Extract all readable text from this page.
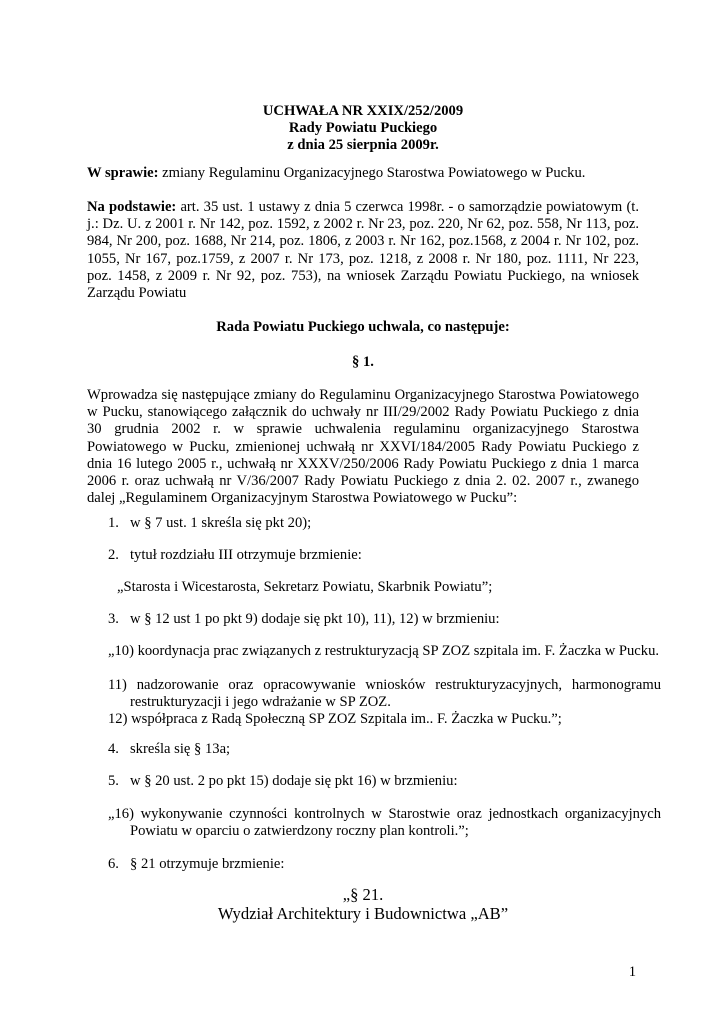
UCHWAŁA NR XXIX/252/2009
Rady Powiatu Puckiego
z dnia 25 sierpnia 2009r.
W sprawie: zmiany Regulaminu Organizacyjnego Starostwa Powiatowego w Pucku.
Na podstawie: art. 35 ust. 1 ustawy z dnia 5 czerwca 1998r. - o samorządzie powiatowym (t. j.: Dz. U. z 2001 r. Nr 142, poz. 1592, z 2002 r. Nr 23, poz. 220, Nr 62, poz. 558, Nr 113, poz. 984, Nr 200, poz. 1688, Nr 214, poz. 1806, z 2003 r. Nr 162, poz.1568, z 2004 r. Nr 102, poz. 1055, Nr 167, poz.1759, z 2007 r. Nr 173, poz. 1218, z 2008 r. Nr 180, poz. 1111, Nr 223, poz. 1458, z 2009 r. Nr 92, poz. 753), na wniosek Zarządu Powiatu Puckiego, na wniosek Zarządu Powiatu
Rada Powiatu Puckiego uchwala, co następuje:
§ 1.
Wprowadza się następujące zmiany do Regulaminu Organizacyjnego Starostwa Powiatowego w Pucku, stanowiącego załącznik do uchwały nr III/29/2002 Rady Powiatu Puckiego z dnia 30 grudnia 2002 r. w sprawie uchwalenia regulaminu organizacyjnego Starostwa Powiatowego w Pucku, zmienionej uchwałą nr XXVI/184/2005 Rady Powiatu Puckiego z dnia 16 lutego 2005 r., uchwałą nr XXXV/250/2006 Rady Powiatu Puckiego z dnia 1 marca 2006 r. oraz uchwałą nr V/36/2007 Rady Powiatu Puckiego z dnia 2. 02. 2007 r., zwanego dalej „Regulaminem Organizacyjnym Starostwa Powiatowego w Pucku”:
1. w § 7 ust. 1 skreśla się pkt 20);
2. tytuł rozdziału III otrzymuje brzmienie:
„Starosta i Wicestarosta, Sekretarz Powiatu, Skarbnik Powiatu”;
3. w § 12 ust 1 po pkt 9) dodaje się pkt 10), 11), 12) w brzmieniu:
„10) koordynacja prac związanych z restrukturyzacją SP ZOZ szpitala im. F. Żaczka w Pucku.
11) nadzorowanie oraz opracowywanie wniosków restrukturyzacyjnych, harmonogramu restrukturyzacji i jego wdrażanie w SP ZOZ.
12) współpraca z Radą Społeczną SP ZOZ Szpitala im.. F. Żaczka w Pucku.”;
4. skreśla się § 13a;
5. w § 20 ust. 2 po pkt 15) dodaje się pkt 16) w brzmieniu:
„16) wykonywanie czynności kontrolnych w Starostwie oraz jednostkach organizacyjnych Powiatu w oparciu o zatwierdzony roczny plan kontroli.”;
6. § 21 otrzymuje brzmienie:
„§ 21.
Wydział Architektury i Budownictwa „AB”
1
